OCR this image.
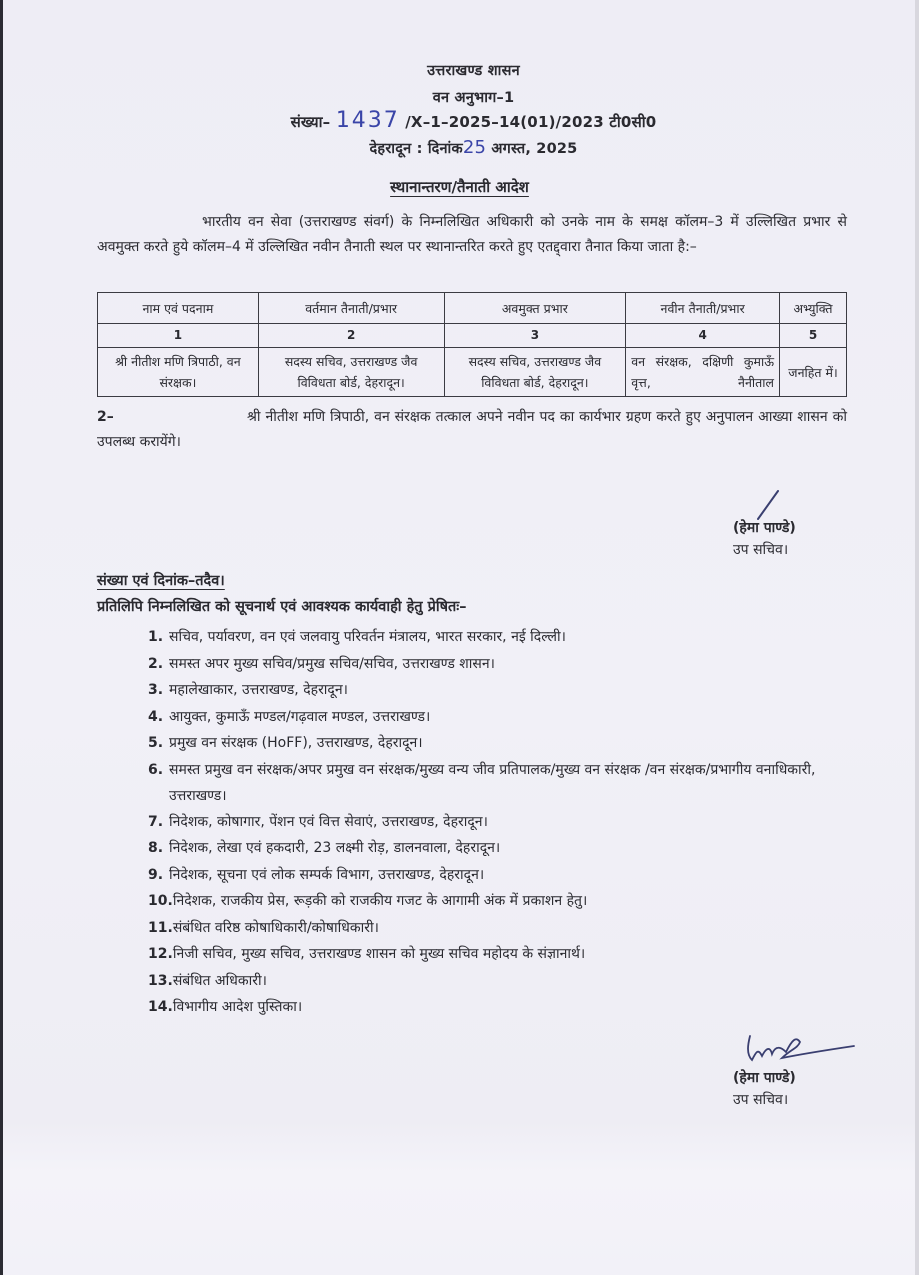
उत्तराखण्ड शासन
वन अनुभाग–1
संख्या– 1437 /X–1–2025–14(01)/2023 टी0सी0
देहरादून : दिनांक25 अगस्त, 2025
स्थानान्तरण/तैनाती आदेश
भारतीय वन सेवा (उत्तराखण्ड संवर्ग) के निम्नलिखित अधिकारी को उनके नाम के समक्ष कॉलम–3 में उल्लिखित प्रभार से अवमुक्त करते हुये कॉलम–4 में उल्लिखित नवीन तैनाती स्थल पर स्थानान्तरित करते हुए एतद्द्वारा तैनात किया जाता है:–
नाम एवं पदनाम	वर्तमान तैनाती/प्रभार	अवमुक्त प्रभार	नवीन तैनाती/प्रभार	अभ्युक्ति
1	2	3	4	5
श्री नीतीश मणि त्रिपाठी, वन संरक्षक।	सदस्य सचिव, उत्तराखण्ड जैव विविधता बोर्ड, देहरादून।	सदस्य सचिव, उत्तराखण्ड जैव विविधता बोर्ड, देहरादून।	वन संरक्षक, दक्षिणी कुमाऊँ वृत्त, नैनीताल	जनहित में।
2–	श्री नीतीश मणि त्रिपाठी, वन संरक्षक तत्काल अपने नवीन पद का कार्यभार ग्रहण करते हुए अनुपालन आख्या शासन को उपलब्ध करायेंगे।
(हेमा पाण्डे)
उप सचिव।
संख्या एवं दिनांक–तदैव।
प्रतिलिपि निम्नलिखित को सूचनार्थ एवं आवश्यक कार्यवाही हेतु प्रेषितः–
1. सचिव, पर्यावरण, वन एवं जलवायु परिवर्तन मंत्रालय, भारत सरकार, नई दिल्ली।
2. समस्त अपर मुख्य सचिव/प्रमुख सचिव/सचिव, उत्तराखण्ड शासन।
3. महालेखाकार, उत्तराखण्ड, देहरादून।
4. आयुक्त, कुमाऊँ मण्डल/गढ़वाल मण्डल, उत्तराखण्ड।
5. प्रमुख वन संरक्षक (HoFF), उत्तराखण्ड, देहरादून।
6. समस्त प्रमुख वन संरक्षक/अपर प्रमुख वन संरक्षक/मुख्य वन्य जीव प्रतिपालक/मुख्य वन संरक्षक /वन संरक्षक/प्रभागीय वनाधिकारी, उत्तराखण्ड।
7. निदेशक, कोषागार, पेंशन एवं वित्त सेवाएं, उत्तराखण्ड, देहरादून।
8. निदेशक, लेखा एवं हकदारी, 23 लक्ष्मी रोड़, डालनवाला, देहरादून।
9. निदेशक, सूचना एवं लोक सम्पर्क विभाग, उत्तराखण्ड, देहरादून।
10. निदेशक, राजकीय प्रेस, रूड़की को राजकीय गजट के आगामी अंक में प्रकाशन हेतु।
11. संबंधित वरिष्ठ कोषाधिकारी/कोषाधिकारी।
12. निजी सचिव, मुख्य सचिव, उत्तराखण्ड शासन को मुख्य सचिव महोदय के संज्ञानार्थ।
13. संबंधित अधिकारी।
14. विभागीय आदेश पुस्तिका।
(हेमा पाण्डे)
उप सचिव।
